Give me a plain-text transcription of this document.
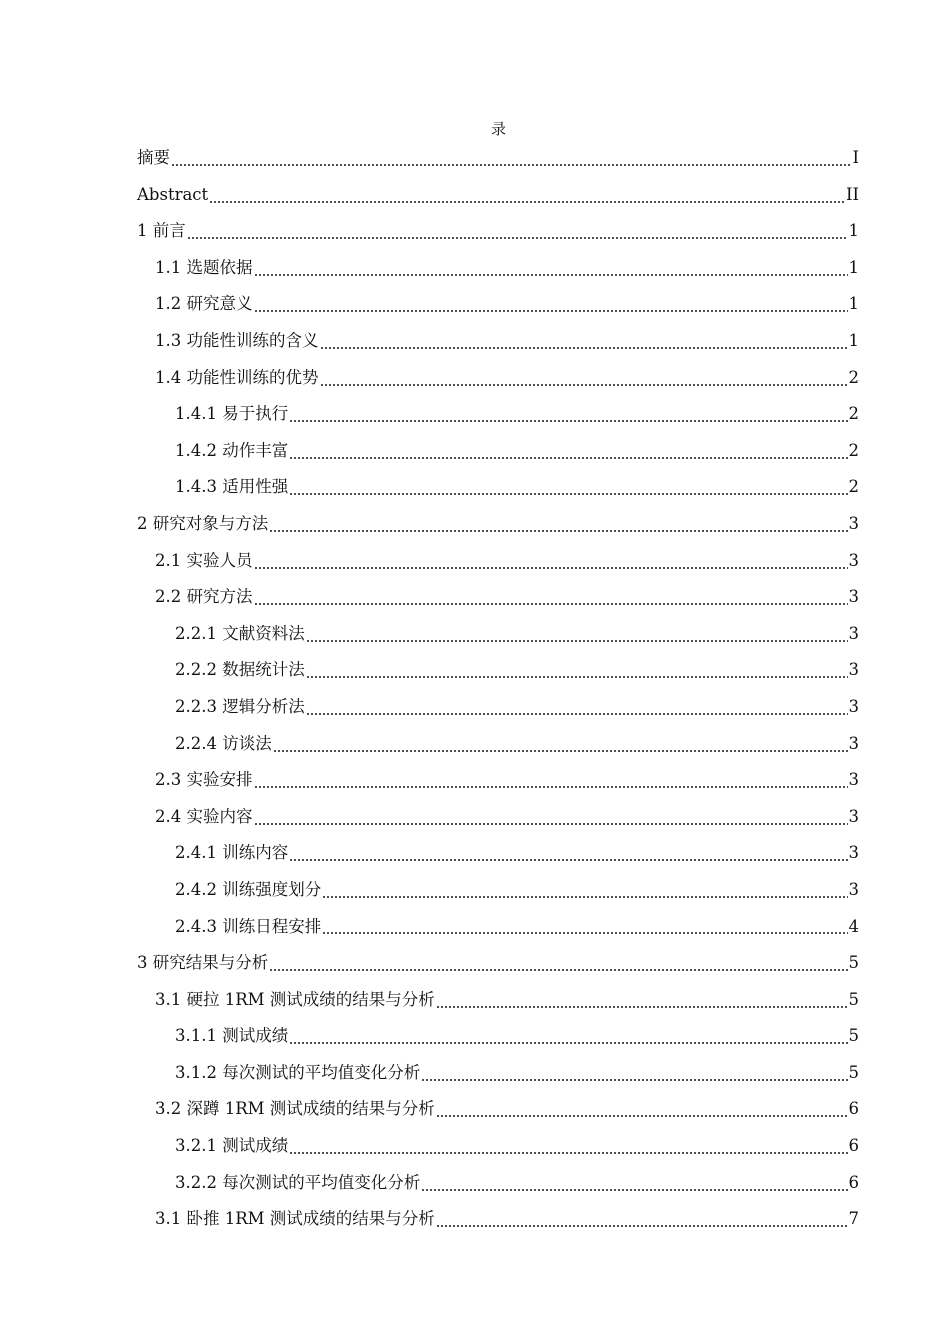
录
摘要	I
Abstract	II
1 前言	1
1.1 选题依据	1
1.2 研究意义	1
1.3 功能性训练的含义	1
1.4 功能性训练的优势	2
1.4.1 易于执行	2
1.4.2 动作丰富	2
1.4.3 适用性强	2
2 研究对象与方法	3
2.1 实验人员	3
2.2 研究方法	3
2.2.1 文献资料法	3
2.2.2 数据统计法	3
2.2.3 逻辑分析法	3
2.2.4 访谈法	3
2.3 实验安排	3
2.4 实验内容	3
2.4.1 训练内容	3
2.4.2 训练强度划分	3
2.4.3 训练日程安排	4
3 研究结果与分析	5
3.1 硬拉 1RM 测试成绩的结果与分析	5
3.1.1 测试成绩	5
3.1.2 每次测试的平均值变化分析	5
3.2 深蹲 1RM 测试成绩的结果与分析	6
3.2.1 测试成绩	6
3.2.2 每次测试的平均值变化分析	6
3.1 卧推 1RM 测试成绩的结果与分析	7
